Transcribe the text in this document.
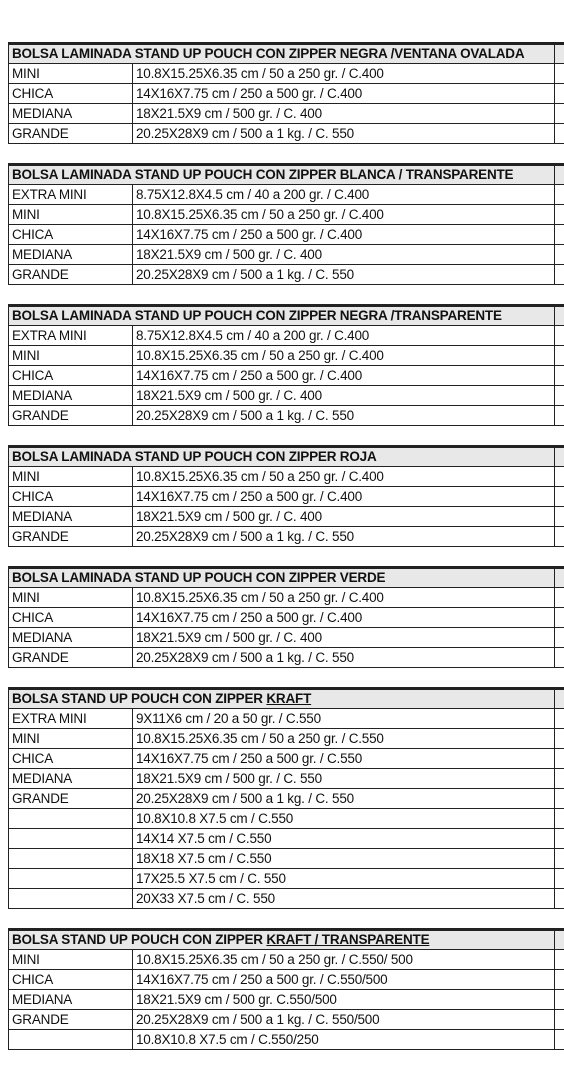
BOLSA LAMINADA STAND UP POUCH CON ZIPPER NEGRA /VENTANA OVALADA		
MINI	10.8X15.25X6.35 cm / 50 a 250 gr. / C.400	
CHICA	14X16X7.75 cm / 250 a 500 gr. / C.400	
MEDIANA	18X21.5X9 cm / 500 gr. / C. 400	
GRANDE	20.25X28X9 cm / 500 a 1 kg. / C. 550	
BOLSA LAMINADA STAND UP POUCH CON ZIPPER BLANCA / TRANSPARENTE		
EXTRA MINI	8.75X12.8X4.5 cm / 40 a 200 gr. / C.400	
MINI	10.8X15.25X6.35 cm / 50 a 250 gr. / C.400	
CHICA	14X16X7.75 cm / 250 a 500 gr. / C.400	
MEDIANA	18X21.5X9 cm / 500 gr. / C. 400	
GRANDE	20.25X28X9 cm / 500 a 1 kg. / C. 550	
BOLSA LAMINADA STAND UP POUCH CON ZIPPER NEGRA /TRANSPARENTE		
EXTRA MINI	8.75X12.8X4.5 cm / 40 a 200 gr. / C.400	
MINI	10.8X15.25X6.35 cm / 50 a 250 gr. / C.400	
CHICA	14X16X7.75 cm / 250 a 500 gr. / C.400	
MEDIANA	18X21.5X9 cm / 500 gr. / C. 400	
GRANDE	20.25X28X9 cm / 500 a 1 kg. / C. 550	
BOLSA LAMINADA STAND UP POUCH CON ZIPPER ROJA		
MINI	10.8X15.25X6.35 cm / 50 a 250 gr. / C.400	
CHICA	14X16X7.75 cm / 250 a 500 gr. / C.400	
MEDIANA	18X21.5X9 cm / 500 gr. / C. 400	
GRANDE	20.25X28X9 cm / 500 a 1 kg. / C. 550	
BOLSA LAMINADA STAND UP POUCH CON ZIPPER VERDE		
MINI	10.8X15.25X6.35 cm / 50 a 250 gr. / C.400	
CHICA	14X16X7.75 cm / 250 a 500 gr. / C.400	
MEDIANA	18X21.5X9 cm / 500 gr. / C. 400	
GRANDE	20.25X28X9 cm / 500 a 1 kg. / C. 550	
BOLSA STAND UP POUCH CON ZIPPER KRAFT		
EXTRA MINI	9X11X6 cm / 20 a 50 gr. / C.550	
MINI	10.8X15.25X6.35 cm / 50 a 250 gr. / C.550	
CHICA	14X16X7.75 cm / 250 a 500 gr. / C.550	
MEDIANA	18X21.5X9 cm / 500 gr. / C. 550	
GRANDE	20.25X28X9 cm / 500 a 1 kg. / C. 550	
	10.8X10.8 X7.5 cm / C.550	
	14X14 X7.5 cm / C.550	
	18X18 X7.5 cm / C.550	
	17X25.5 X7.5 cm / C. 550	
	20X33 X7.5 cm / C. 550	
BOLSA STAND UP POUCH CON ZIPPER KRAFT / TRANSPARENTE		
MINI	10.8X15.25X6.35 cm / 50 a 250 gr. / C.550/ 500	
CHICA	14X16X7.75 cm / 250 a 500 gr. / C.550/500	
MEDIANA	18X21.5X9 cm / 500 gr. C.550/500	
GRANDE	20.25X28X9 cm / 500 a 1 kg. / C. 550/500	
	10.8X10.8 X7.5 cm / C.550/250	
